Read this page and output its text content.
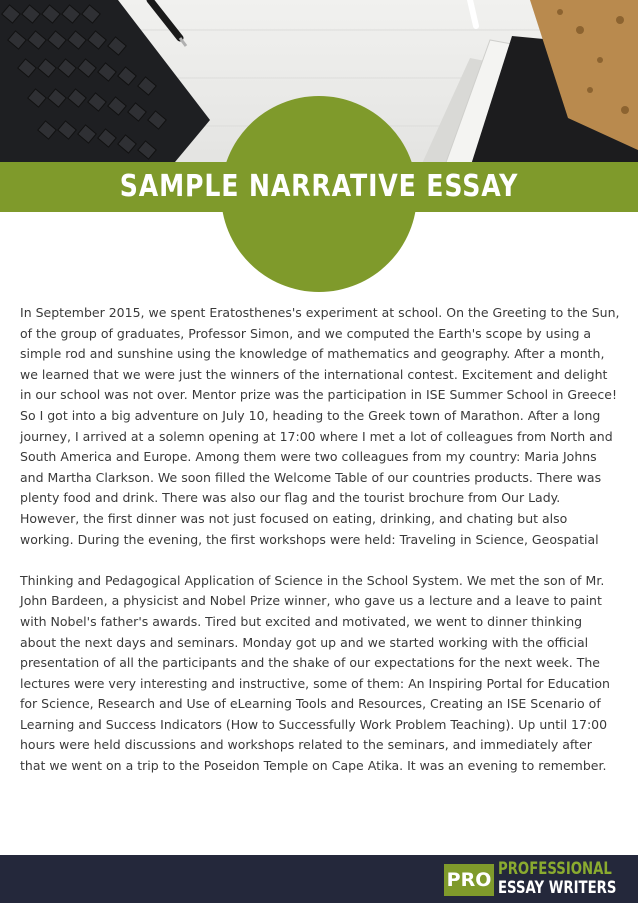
SAMPLE NARRATIVE ESSAY
In September 2015, we spent Eratosthenes's experiment at school. On the Greeting to the Sun,
of the group of graduates, Professor Simon, and we computed the Earth's scope by using a
simple rod and sunshine using the knowledge of mathematics and geography. After a month,
we learned that we were just the winners of the international contest. Excitement and delight
in our school was not over. Mentor prize was the participation in ISE Summer School in Greece!
So I got into a big adventure on July 10, heading to the Greek town of Marathon. After a long
journey, I arrived at a solemn opening at 17:00 where I met a lot of colleagues from North and
South America and Europe. Among them were two colleagues from my country: Maria Johns
and Martha Clarkson. We soon filled the Welcome Table of our countries products. There was
plenty food and drink. There was also our flag and the tourist brochure from Our Lady.
However, the first dinner was not just focused on eating, drinking, and chating but also
working. During the evening, the first workshops were held: Traveling in Science, Geospatial
Thinking and Pedagogical Application of Science in the School System. We met the son of Mr.
John Bardeen, a physicist and Nobel Prize winner, who gave us a lecture and a leave to paint
with Nobel's father's awards. Tired but excited and motivated, we went to dinner thinking
about the next days and seminars. Monday got up and we started working with the official
presentation of all the participants and the shake of our expectations for the next week. The
lectures were very interesting and instructive, some of them: An Inspiring Portal for Education
for Science, Research and Use of eLearning Tools and Resources, Creating an ISE Scenario of
Learning and Success Indicators (How to Successfully Work Problem Teaching). Up until 17:00
hours were held discussions and workshops related to the seminars, and immediately after
that we went on a trip to the Poseidon Temple on Cape Atika. It was an evening to remember.
PRO PROFESSIONAL
ESSAY WRITERS
